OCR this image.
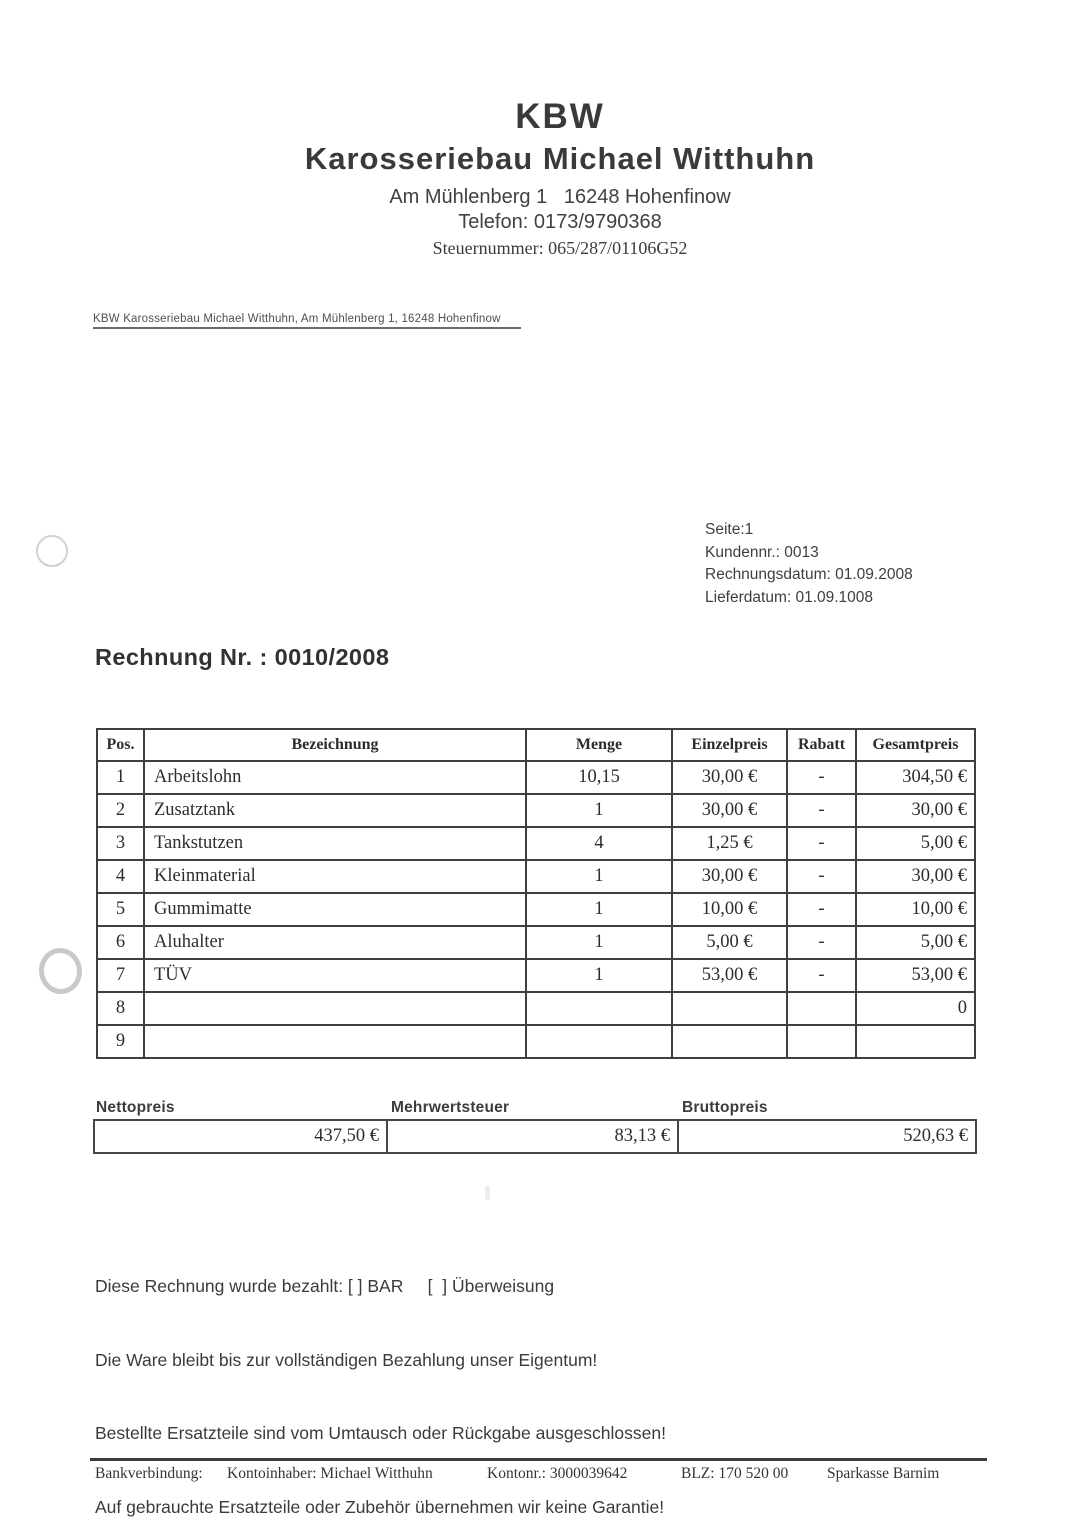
KBW
Karosseriebau Michael Witthuhn
Am Mühlenberg 1   16248 Hohenfinow
Telefon: 0173/9790368
Steuernummer: 065/287/01106G52
KBW Karosseriebau Michael Witthuhn, Am Mühlenberg 1, 16248 Hohenfinow
Seite:1
Kundennr.: 0013
Rechnungsdatum: 01.09.2008
Lieferdatum: 01.09.1008
Rechnung Nr. : 0010/2008
Pos.	Bezeichnung	Menge	Einzelpreis	Rabatt	Gesamtpreis
1	Arbeitslohn	10,15	30,00 €	-	304,50 €
2	Zusatztank	1	30,00 €	-	30,00 €
3	Tankstutzen	4	1,25 €	-	5,00 €
4	Kleinmaterial	1	30,00 €	-	30,00 €
5	Gummimatte	1	10,00 €	-	10,00 €
6	Aluhalter	1	5,00 €	-	5,00 €
7	TÜV	1	53,00 €	-	53,00 €
8					0
9					
Nettopreis
437,50 €
Mehrwertsteuer
83,13 €
Bruttopreis
520,63 €

Diese Rechnung wurde bezahlt: [ ] BAR     [  ] Überweisung

Die Ware bleibt bis zur vollständigen Bezahlung unser Eigentum!

Bestellte Ersatzteile sind vom Umtausch oder Rückgabe ausgeschlossen!

Auf gebrauchte Ersatzteile oder Zubehör übernehmen wir keine Garantie!

Bankverbindung: Kontoinhaber: Michael Witthuhn	Kontonr.: 3000039642	BLZ: 170 520 00	Sparkasse Barnim
